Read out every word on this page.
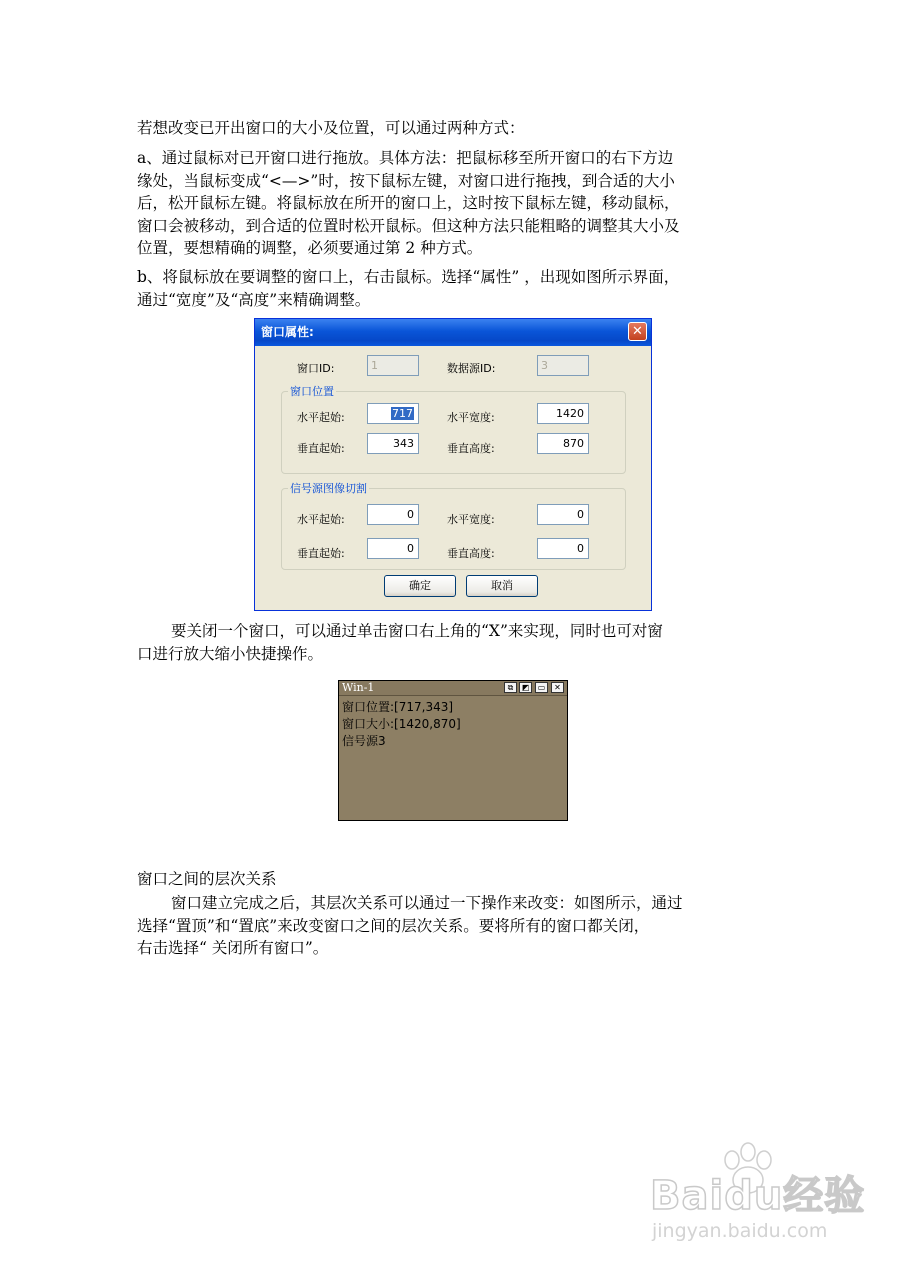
若想改变已开出窗口的大小及位置，可以通过两种方式：

a、通过鼠标对已开窗口进行拖放。具体方法：把鼠标移至所开窗口的右下方边
缘处，当鼠标变成“<—>”时，按下鼠标左键，对窗口进行拖拽，到合适的大小
后，松开鼠标左键。将鼠标放在所开的窗口上，这时按下鼠标左键，移动鼠标，
窗口会被移动，到合适的位置时松开鼠标。但这种方法只能粗略的调整其大小及
位置，要想精确的调整，必须要通过第 2 种方式。

b、将鼠标放在要调整的窗口上，右击鼠标。选择“属性” ，出现如图所示界面，
通过“宽度”及“高度”来精确调整。

窗口属性:	✕
窗口ID:	1	数据源ID:	3
窗口位置
水平起始:	717	水平宽度:	1420
垂直起始:	343	垂直高度:	870
信号源图像切割
水平起始:	0	水平宽度:	0
垂直起始:	0	垂直高度:	0
确定	取消

要关闭一个窗口，可以通过单击窗口右上角的“X”来实现，同时也可对窗
口进行放大缩小快捷操作。

Win-1	⧉	◩	▭	✕
窗口位置:[717,343]
窗口大小:[1420,870]
信号源3

窗口之间的层次关系

窗口建立完成之后，其层次关系可以通过一下操作来改变：如图所示，通过
选择“置顶”和“置底”来改变窗口之间的层次关系。要将所有的窗口都关闭，
右击选择“ 关闭所有窗口”。

Baidu经验
jingyan.baidu.com
